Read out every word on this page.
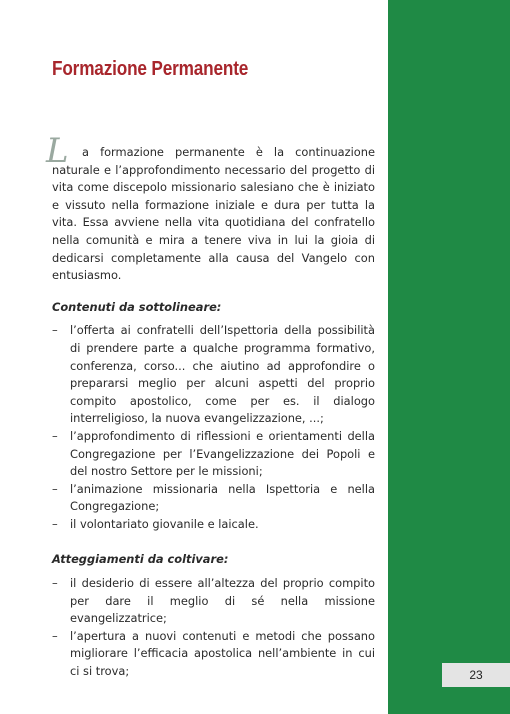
23
Formazione Permanente

L a formazione permanente è la continuazione naturale e l’approfondimento necessario del progetto di vita come discepolo missionario salesiano che è iniziato e vissuto nella formazione iniziale e dura per tutta la vita. Essa avviene nella vita quotidiana del confratello nella comunità e mira a tenere viva in lui la gioia di dedicarsi completamente alla causa del Vangelo con entusiasmo.

Contenuti da sottolineare:

– l’offerta ai confratelli dell’Ispettoria della possibilità di prendere parte a qualche programma formativo, conferenza, corso... che aiutino ad approfondire o prepararsi meglio per alcuni aspetti del proprio compito apostolico, come per es. il dialogo interreligioso, la nuova evangelizzazione, ...;
– l’approfondimento di riflessioni e orientamenti della Congregazione per l’Evangelizzazione dei Popoli e del nostro Settore per le missioni;
– l’animazione missionaria nella Ispettoria e nella Congregazione;
– il volontariato giovanile e laicale.

Atteggiamenti da coltivare:

– il desiderio di essere all’altezza del proprio compito per dare il meglio di sé nella missione evangelizzatrice;
– l’apertura a nuovi contenuti e metodi che possano migliorare l’efficacia apostolica nell’ambiente in cui ci si trova;
